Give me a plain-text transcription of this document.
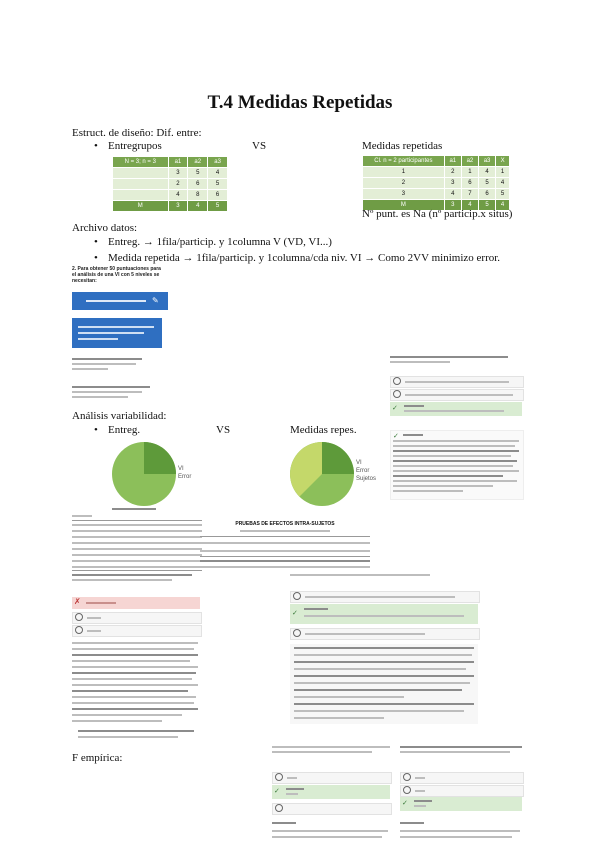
T.4 Medidas Repetidas
Estruct. de diseño: Dif. entre:
• Entregrupos	VS	Medidas repetidas
N = 3; n = 3	a1	a2	a3
	3	5	4
	2	6	5
	4	8	6
M	3	4	5
Cl. n = 2 participantes	a1	a2	a3	X
1	2	1	4	1
2	3	6	5	4
3	4	7	6	5
M	3	4	5	4
Nº punt. es Na (nº particip.x situs)
Archivo datos:
• Entreg. → 1fila/particip. y 1columna V (VD, VI...)
• Medida repetida → 1fila/particip. y 1columna/cda niv. VI → Como 2VV minimizo error.
2. Para obtener 50 puntuaciones para el análisis de una VI con 5 niveles se necesitan:
✎
✓
Análisis variabilidad:
• Entreg.	VS	Medidas repes.
VI
Error
VI
Error
Sujetos
✓
PRUEBAS DE EFECTOS INTRA-SUJETOS
✗
✓
F empírica:
✓
✓
